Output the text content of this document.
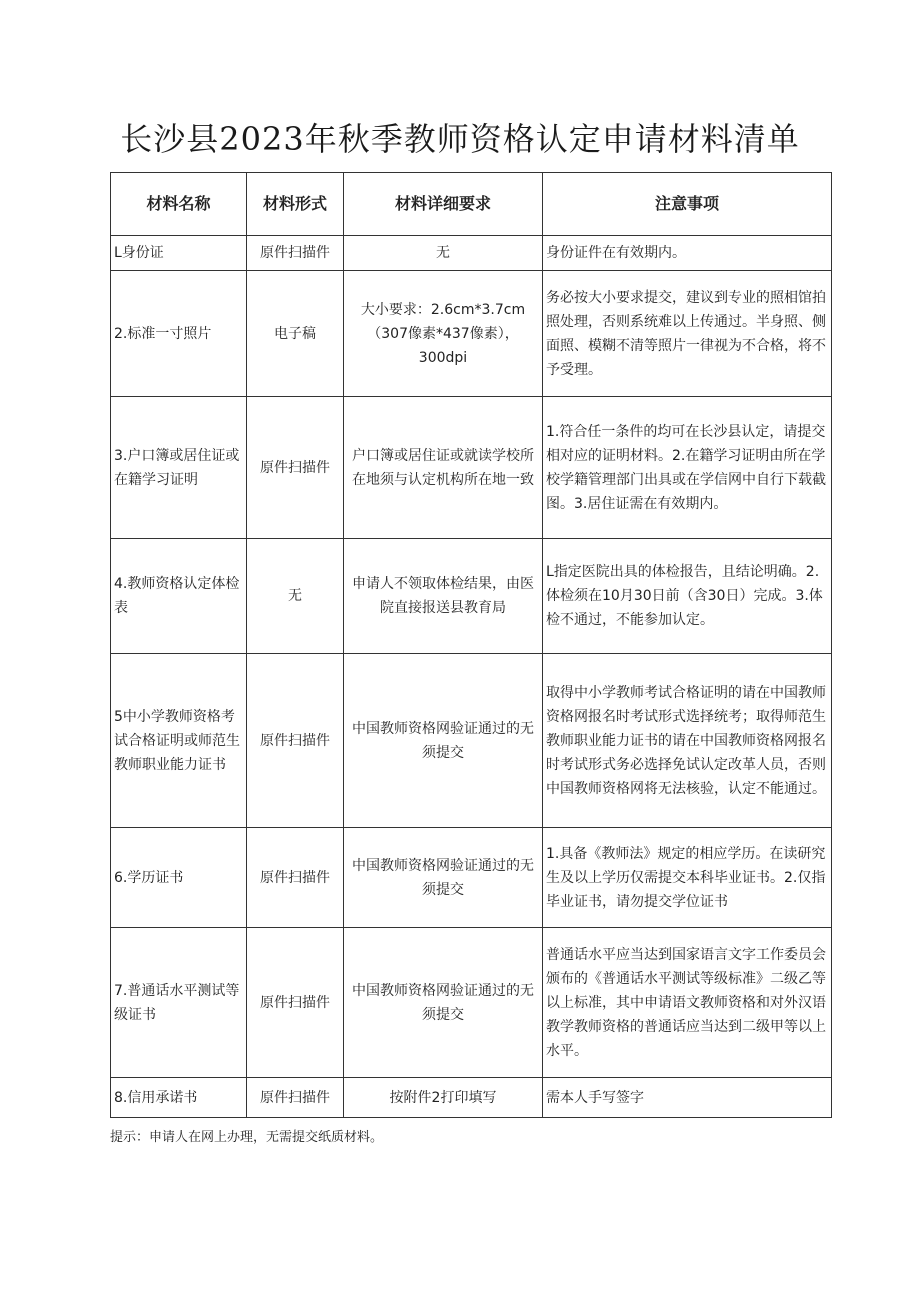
长沙县2023年秋季教师资格认定申请材料清单
材料名称	材料形式	材料详细要求	注意事项
L身份证	原件扫描件	无	身份证件在有效期内。
2.标准一寸照片	电子稿	大小要求：2.6cm*3.7cm（307像素*437像素），300dpi	务必按大小要求提交，建议到专业的照相馆拍照处理，否则系统难以上传通过。半身照、侧面照、模糊不清等照片一律视为不合格，将不予受理。
3.户口簿或居住证或在籍学习证明	原件扫描件	户口簿或居住证或就读学校所在地须与认定机构所在地一致	1.符合任一条件的均可在长沙县认定，请提交相对应的证明材料。2.在籍学习证明由所在学校学籍管理部门出具或在学信网中自行下载截图。3.居住证需在有效期内。
4.教师资格认定体检表	无	申请人不领取体检结果，由医院直接报送县教育局	L指定医院出具的体检报告，且结论明确。2.体检须在10月30日前（含30日）完成。3.体检不通过，不能参加认定。
5中小学教师资格考试合格证明或师范生教师职业能力证书	原件扫描件	中国教师资格网验证通过的无须提交	取得中小学教师考试合格证明的请在中国教师资格网报名时考试形式选择统考；取得师范生教师职业能力证书的请在中国教师资格网报名时考试形式务必选择免试认定改革人员，否则中国教师资格网将无法核验，认定不能通过。
6.学历证书	原件扫描件	中国教师资格网验证通过的无须提交	1.具备《教师法》规定的相应学历。在读研究生及以上学历仅需提交本科毕业证书。2.仅指毕业证书，请勿提交学位证书
7.普通话水平测试等级证书	原件扫描件	中国教师资格网验证通过的无须提交	普通话水平应当达到国家语言文字工作委员会颁布的《普通话水平测试等级标准》二级乙等以上标准，其中申请语文教师资格和对外汉语教学教师资格的普通话应当达到二级甲等以上水平。
8.信用承诺书	原件扫描件	按附件2打印填写	需本人手写签字
提示：申请人在网上办理，无需提交纸质材料。
